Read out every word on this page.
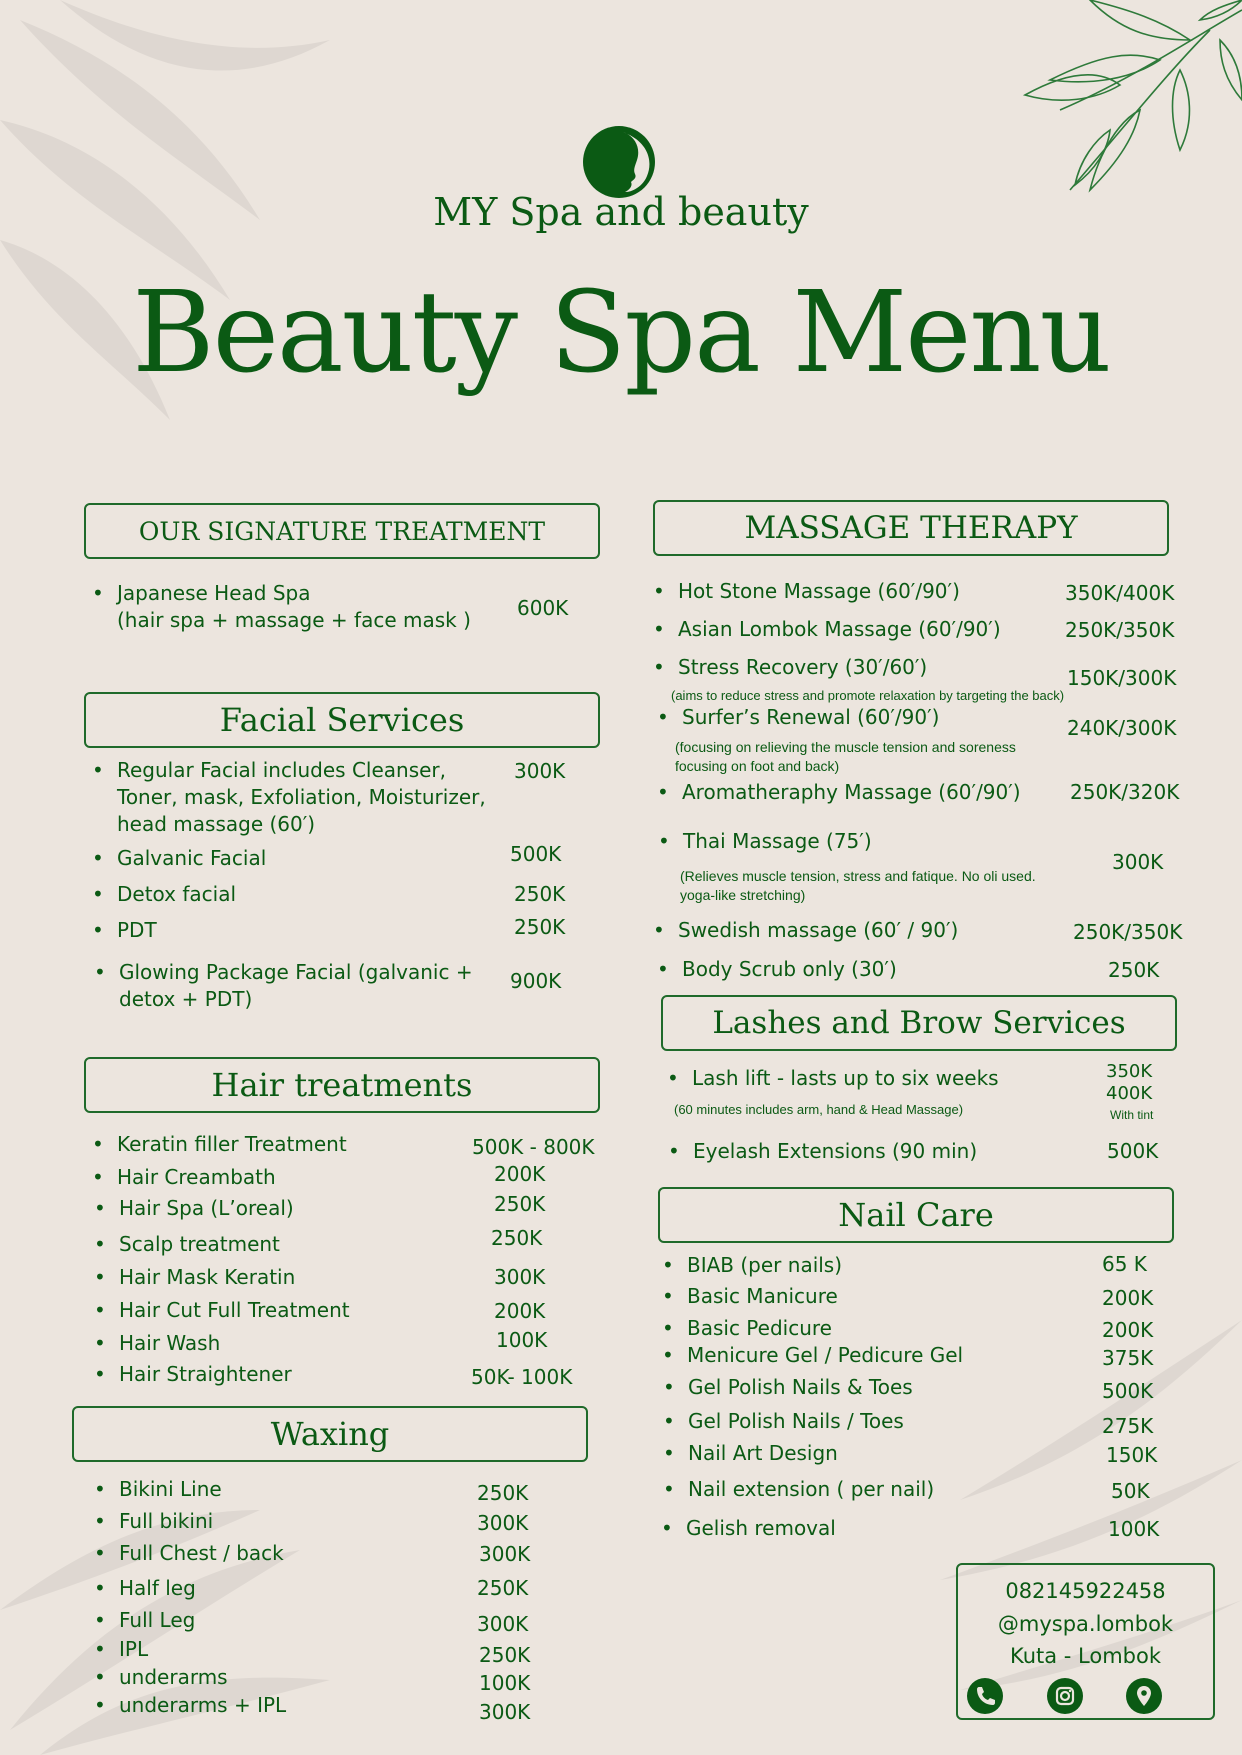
MY Spa and beauty
Beauty Spa Menu
OUR SIGNATURE TREATMENT
• Japanese Head Spa
(hair spa + massage + face mask ) 600K
Facial Services
• Regular Facial includes Cleanser,
Toner, mask, Exfoliation, Moisturizer,
head massage (60′)
300K
• Galvanic Facial	500K
• Detox facial	250K
• PDT	250K
• Glowing Package Facial (galvanic +
detox + PDT)
900K
Hair treatments
• Keratin filler Treatment	500K - 800K
• Hair Creambath	200K
• Hair Spa (L’oreal)	250K
• Scalp treatment	250K
• Hair Mask Keratin	300K
• Hair Cut Full Treatment	200K
• Hair Wash	100K
• Hair Straightener	50K- 100K
Waxing
• Bikini Line	250K
• Full bikini	300K
• Full Chest / back	300K
• Half leg	250K
• Full Leg	300K
• IPL	250K
• underarms	100K
• underarms + IPL	300K
MASSAGE THERAPY
• Hot Stone Massage (60′/90′)	350K/400K
• Asian Lombok Massage (60′/90′)	250K/350K
• Stress Recovery (30′/60′)	150K/300K
(aims to reduce stress and promote relaxation by targeting the back)
• Surfer’s Renewal (60′/90′)	240K/300K
(focusing on relieving the muscle tension and soreness
focusing on foot and back)
• Aromatheraphy Massage (60′/90′) 250K/320K
• Thai Massage (75′)
300K
(Relieves muscle tension, stress and fatique. No oli used.
yoga-like stretching)
• Swedish massage (60′ / 90′)	250K/350K
• Body Scrub only (30′)	250K
Lashes and Brow Services
• Lash lift - lasts up to six weeks	350K
400K
With tint
(60 minutes includes arm, hand & Head Massage)
• Eyelash Extensions (90 min)	500K
Nail Care
• BIAB (per nails)	65 K
• Basic Manicure	200K
• Basic Pedicure	200K
• Menicure Gel / Pedicure Gel	375K
• Gel Polish Nails & Toes	500K
• Gel Polish Nails / Toes	275K
• Nail Art Design	150K
• Nail extension ( per nail)	50K
• Gelish removal	100K
082145922458
@myspa.lombok
Kuta - Lombok
